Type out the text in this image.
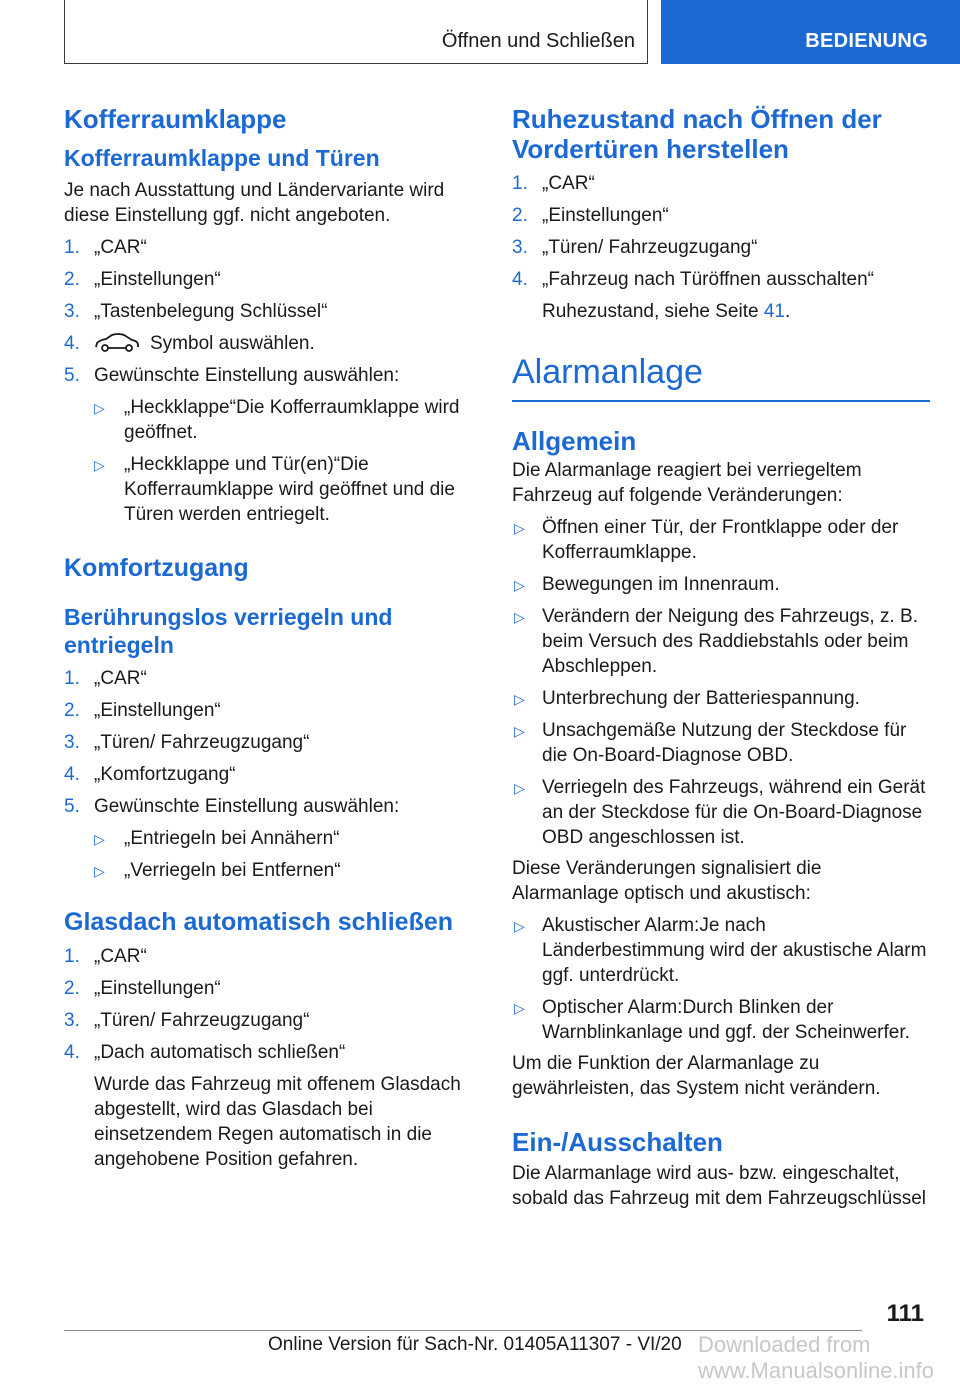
Öffnen und Schließen	BEDIENUNG
Kofferraumklappe
Kofferraumklappe und Türen

Je nach Ausstattung und Ländervariante wird diese Einstellung ggf. nicht angeboten.

1. „CAR“
2. „Einstellungen“
3. „Tastenbelegung Schlüssel“
4.	Symbol auswählen.
5. Gewünschte Einstellung auswählen:
▷ „Heckklappe“Die Kofferraumklappe wird geöffnet.
▷ „Heckklappe und Tür(en)“Die Kofferraumklappe wird geöffnet und die Türen werden entriegelt.
Komfortzugang
Berührungslos verriegeln und entriegeln
1. „CAR“
2. „Einstellungen“
3. „Türen/ Fahrzeugzugang“
4. „Komfortzugang“
5. Gewünschte Einstellung auswählen:
▷ „Entriegeln bei Annähern“
▷ „Verriegeln bei Entfernen“
Glasdach automatisch schließen
1. „CAR“
2. „Einstellungen“
3. „Türen/ Fahrzeugzugang“
4. „Dach automatisch schließen“
Wurde das Fahrzeug mit offenem Glasdach abgestellt, wird das Glasdach bei einsetzendem Regen automatisch in die angehobene Position gefahren.
Ruhezustand nach Öffnen der Vordertüren herstellen
1. „CAR“
2. „Einstellungen“
3. „Türen/ Fahrzeugzugang“
4. „Fahrzeug nach Türöffnen ausschalten“
Ruhezustand, siehe Seite 41.
Alarmanlage
Allgemein

Die Alarmanlage reagiert bei verriegeltem Fahrzeug auf folgende Veränderungen:

▷ Öffnen einer Tür, der Frontklappe oder der Kofferraumklappe.
▷ Bewegungen im Innenraum.
▷ Verändern der Neigung des Fahrzeugs, z. B. beim Versuch des Raddiebstahls oder beim Abschleppen.
▷ Unterbrechung der Batteriespannung.
▷ Unsachgemäße Nutzung der Steckdose für die On-Board-Diagnose OBD.
▷ Verriegeln des Fahrzeugs, während ein Gerät an der Steckdose für die On-Board-Diagnose OBD angeschlossen ist.

Diese Veränderungen signalisiert die Alarmanlage optisch und akustisch:

▷ Akustischer Alarm:Je nach Länderbestimmung wird der akustische Alarm ggf. unterdrückt.
▷ Optischer Alarm:Durch Blinken der Warnblinkanlage und ggf. der Scheinwerfer.

Um die Funktion der Alarmanlage zu gewährleisten, das System nicht verändern.

Ein-/Ausschalten

Die Alarmanlage wird aus- bzw. eingeschaltet, sobald das Fahrzeug mit dem Fahrzeugschlüssel

111
Online Version für Sach-Nr. 01405A11307 - VI/20 Downloaded from www.Manualsonline.info
